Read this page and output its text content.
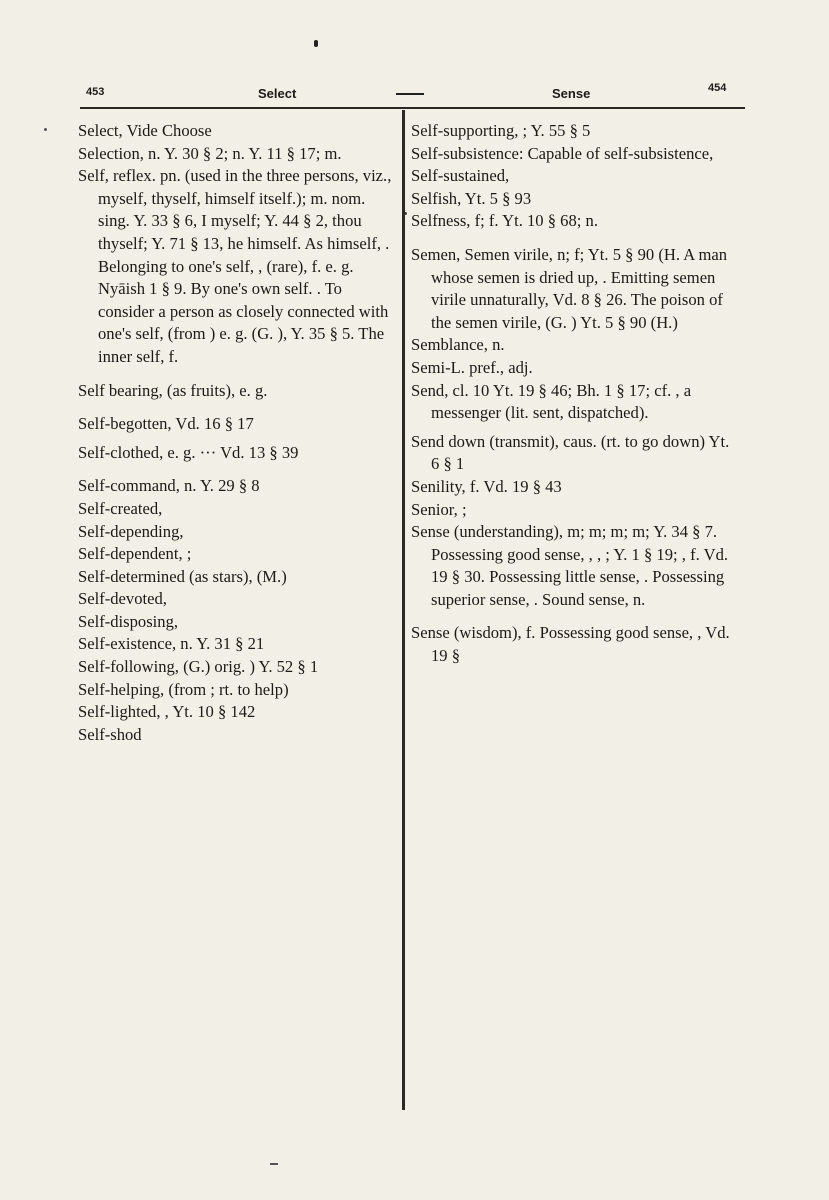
453	Select	Sense	454

Select, Vide Choose

Selection, n. Y. 30 § 2; n. Y. 11 § 17; m.

Self, reflex. pn. (used in the three persons, viz., myself, thyself, himself itself.); m. nom. sing. Y. 33 § 6, I myself; Y. 44 § 2, thou thyself; Y. 71 § 13, he himself. As himself, . Belonging to one's self, , (rare), f. e. g. Nyāish 1 § 9. By one's own self. . To consider a person as closely connected with one's self, (from ) e. g. (G. ), Y. 35 § 5. The inner self, f.

Self bearing, (as fruits), e. g.

Self-begotten, Vd. 16 § 17

Self-clothed, e. g. ··· Vd. 13 § 39

Self-command, n. Y. 29 § 8

Self-created,

Self-depending,

Self-dependent, ;

Self-determined (as stars), (M.)

Self-devoted,

Self-disposing,

Self-existence, n. Y. 31 § 21

Self-following, (G.) orig. ) Y. 52 § 1

Self-helping, (from ; rt. to help)

Self-lighted, , Yt. 10 § 142

Self-shod

Self-supporting, ; Y. 55 § 5

Self-subsistence: Capable of self-subsistence,

Self-sustained,

Selfish, Yt. 5 § 93

Selfness, f; f. Yt. 10 § 68; n.

Semen, Semen virile, n; f; Yt. 5 § 90 (H. A man whose semen is dried up, . Emitting semen virile unnaturally, Vd. 8 § 26. The poison of the semen virile, (G. ) Yt. 5 § 90 (H.)

Semblance, n.

Semi-L. pref., adj.

Send, cl. 10 Yt. 19 § 46; Bh. 1 § 17; cf. , a messenger (lit. sent, dispatched).

Send down (transmit), caus. (rt. to go down) Yt. 6 § 1

Senility, f. Vd. 19 § 43

Senior, ;

Sense (understanding), m; m; m; m; Y. 34 § 7. Possessing good sense, , , ; Y. 1 § 19; , f. Vd. 19 § 30. Possessing little sense, . Possessing superior sense, . Sound sense, n.

Sense (wisdom), f. Possessing good sense, , Vd. 19 §
